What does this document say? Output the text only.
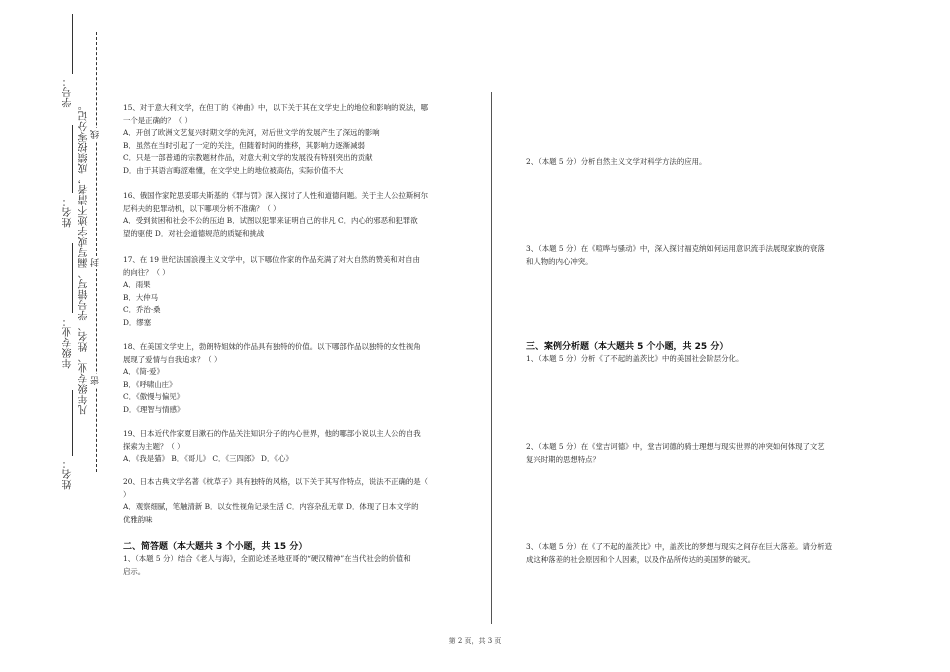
学号：
姓名：
年级专业：
姓名：
凡年级专业、姓名、学号错写、漏写或字迹不清者，成绩按零分记。 线
封
密

15、对于意大利文学，在但丁的《神曲》中，以下关于其在文学史上的地位和影响的说法，哪

一个是正确的？（ ）

A．开创了欧洲文艺复兴时期文学的先河，对后世文学的发展产生了深远的影响

B．虽然在当时引起了一定的关注，但随着时间的推移，其影响力逐渐减弱

C．只是一部普通的宗教题材作品，对意大利文学的发展没有特别突出的贡献

D．由于其语言晦涩难懂，在文学史上的地位被高估，实际价值不大

16、俄国作家陀思妥耶夫斯基的《罪与罚》深入探讨了人性和道德问题。关于主人公拉斯柯尔

尼科夫的犯罪动机，以下哪项分析不准确？（ ）

A．受到贫困和社会不公的压迫 B．试图以犯罪来证明自己的非凡 C．内心的邪恶和犯罪欲

望的驱使 D．对社会道德规范的质疑和挑战

17、在 19 世纪法国浪漫主义文学中，以下哪位作家的作品充满了对大自然的赞美和对自由

的向往？（ ）

A．雨果

B．大仲马

C．乔治·桑

D．缪塞

18、在美国文学史上，勃朗特姐妹的作品具有独特的价值。以下哪部作品以独特的女性视角

展现了爱情与自我追求？（ ）

A．《简·爱》

B．《呼啸山庄》

C．《傲慢与偏见》

D．《理智与情感》

19、日本近代作家夏目漱石的作品关注知识分子的内心世界，他的哪部小说以主人公的自我

探索为主题？（ ）

A．《我是猫》 B．《哥儿》 C．《三四郎》 D．《心》

20、日本古典文学名著《枕草子》具有独特的风格，以下关于其写作特点，说法不正确的是（

）

A．观察细腻，笔触清新 B．以女性视角记录生活 C．内容杂乱无章 D．体现了日本文学的

优雅韵味

二、简答题（本大题共 3 个小题，共 15 分）

1、（本题 5 分）结合《老人与海》，全面论述圣地亚哥的“硬汉精神”在当代社会的价值和

启示。

2、（本题 5 分）分析自然主义文学对科学方法的应用。

3、（本题 5 分）在《喧哗与骚动》中，深入探讨福克纳如何运用意识流手法展现家族的衰落

和人物的内心冲突。

三、案例分析题（本大题共 5 个小题，共 25 分）

1、（本题 5 分）分析《了不起的盖茨比》中的美国社会阶层分化。

2、（本题 5 分）在《堂吉诃德》中，堂吉诃德的骑士理想与现实世界的冲突如何体现了文艺

复兴时期的思想特点？

3、（本题 5 分）在《了不起的盖茨比》中，盖茨比的梦想与现实之间存在巨大落差。请分析造

成这种落差的社会原因和个人因素，以及作品所传达的美国梦的破灭。

第 2 页，共 3 页
